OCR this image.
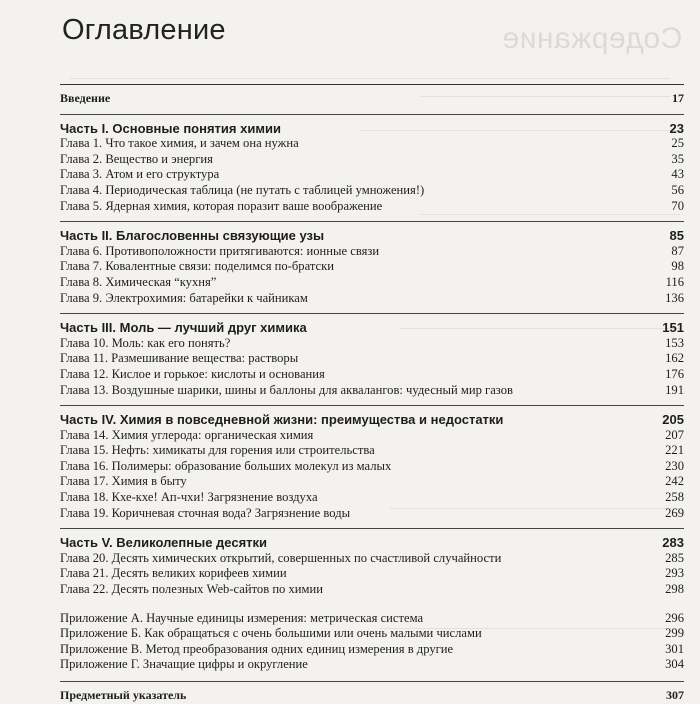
Содержание
Оглавление
Введение	17
Часть I. Основные понятия химии	23
Глава 1. Что такое химия, и зачем она нужна	25
Глава 2. Вещество и энергия	35
Глава 3. Атом и его структура	43
Глава 4. Периодическая таблица (не путать с таблицей умножения!)	56
Глава 5. Ядерная химия, которая поразит ваше воображение	70
Часть II. Благословенны связующие узы	85
Глава 6. Противоположности притягиваются: ионные связи	87
Глава 7. Ковалентные связи: поделимся по-братски	98
Глава 8. Химическая “кухня”	116
Глава 9. Электрохимия: батарейки к чайникам	136
Часть III. Моль — лучший друг химика	151
Глава 10. Моль: как его понять?	153
Глава 11. Размешивание вещества: растворы	162
Глава 12. Кислое и горькое: кислоты и основания	176
Глава 13. Воздушные шарики, шины и баллоны для аквалангов: чудесный мир газов	191
Часть IV. Химия в повседневной жизни: преимущества и недостатки	205
Глава 14. Химия углерода: органическая химия	207
Глава 15. Нефть: химикаты для горения или строительства	221
Глава 16. Полимеры: образование больших молекул из малых	230
Глава 17. Химия в быту	242
Глава 18. Кхе-кхе! Ап-чхи! Загрязнение воздуха	258
Глава 19. Коричневая сточная вода? Загрязнение воды	269
Часть V. Великолепные десятки	283
Глава 20. Десять химических открытий, совершенных по счастливой случайности	285
Глава 21. Десять великих корифеев химии	293
Глава 22. Десять полезных Web-сайтов по химии	298
Приложение А. Научные единицы измерения: метрическая система	296
Приложение Б. Как обращаться с очень большими или очень малыми числами	299
Приложение В. Метод преобразования одних единиц измерения в другие	301
Приложение Г. Значащие цифры и округление	304
Предметный указатель	307
